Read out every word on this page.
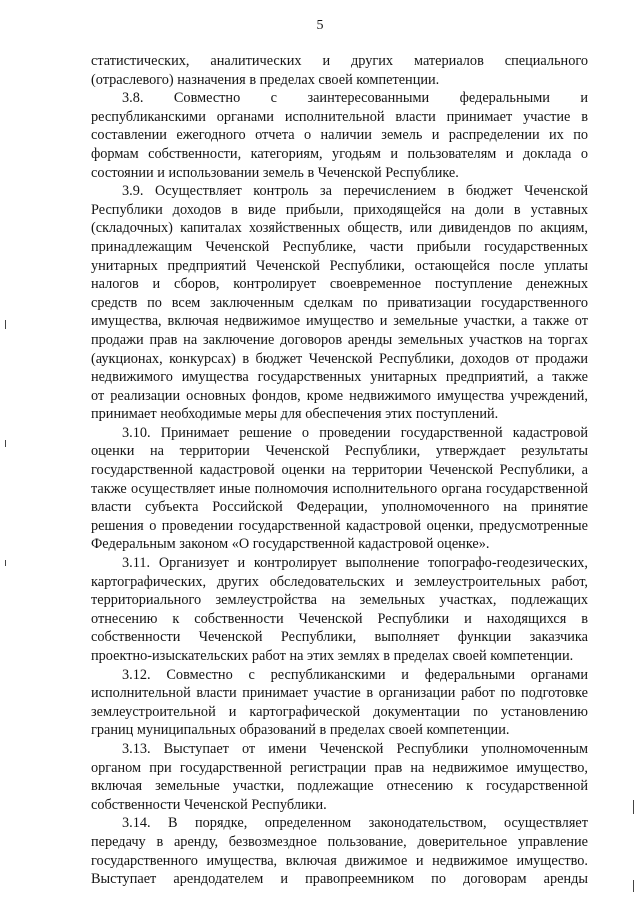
5
статистических, аналитических и других материалов специального
(отраслевого) назначения в пределах своей компетенции.
3.8. Совместно с заинтересованными федеральными и
республиканскими органами исполнительной власти принимает участие в
составлении ежегодного отчета о наличии земель и распределении их по
формам собственности, категориям, угодьям и пользователям и доклада о
состоянии и использовании земель в Чеченской Республике.
3.9. Осуществляет контроль за перечислением в бюджет Чеченской
Республики доходов в виде прибыли, приходящейся на доли в уставных
(складочных) капиталах хозяйственных обществ, или дивидендов по акциям,
принадлежащим Чеченской Республике, части прибыли государственных
унитарных предприятий Чеченской Республики, остающейся после уплаты
налогов и сборов, контролирует своевременное поступление денежных
средств по всем заключенным сделкам по приватизации государственного
имущества, включая недвижимое имущество и земельные участки, а также от
продажи прав на заключение договоров аренды земельных участков на торгах
(аукционах, конкурсах) в бюджет Чеченской Республики, доходов от продажи
недвижимого имущества государственных унитарных предприятий, а также
от реализации основных фондов, кроме недвижимого имущества учреждений,
принимает необходимые меры для обеспечения этих поступлений.
3.10. Принимает решение о проведении государственной кадастровой
оценки на территории Чеченской Республики, утверждает результаты
государственной кадастровой оценки на территории Чеченской Республики, а
также осуществляет иные полномочия исполнительного органа государственной
власти субъекта Российской Федерации, уполномоченного на принятие
решения о проведении государственной кадастровой оценки, предусмотренные
Федеральным законом «О государственной кадастровой оценке».
3.11. Организует и контролирует выполнение топографо-геодезических,
картографических, других обследовательских и землеустроительных работ,
территориального землеустройства на земельных участках, подлежащих
отнесению к собственности Чеченской Республики и находящихся в
собственности Чеченской Республики, выполняет функции заказчика
проектно-изыскательских работ на этих землях в пределах своей компетенции.
3.12. Совместно с республиканскими и федеральными органами
исполнительной власти принимает участие в организации работ по подготовке
землеустроительной и картографической документации по установлению
границ муниципальных образований в пределах своей компетенции.
3.13. Выступает от имени Чеченской Республики уполномоченным
органом при государственной регистрации прав на недвижимое имущество,
включая земельные участки, подлежащие отнесению к государственной
собственности Чеченской Республики.
3.14. В порядке, определенном законодательством, осуществляет
передачу в аренду, безвозмездное пользование, доверительное управление
государственного имущества, включая движимое и недвижимое имущество.
Выступает арендодателем и правопреемником по договорам аренды
